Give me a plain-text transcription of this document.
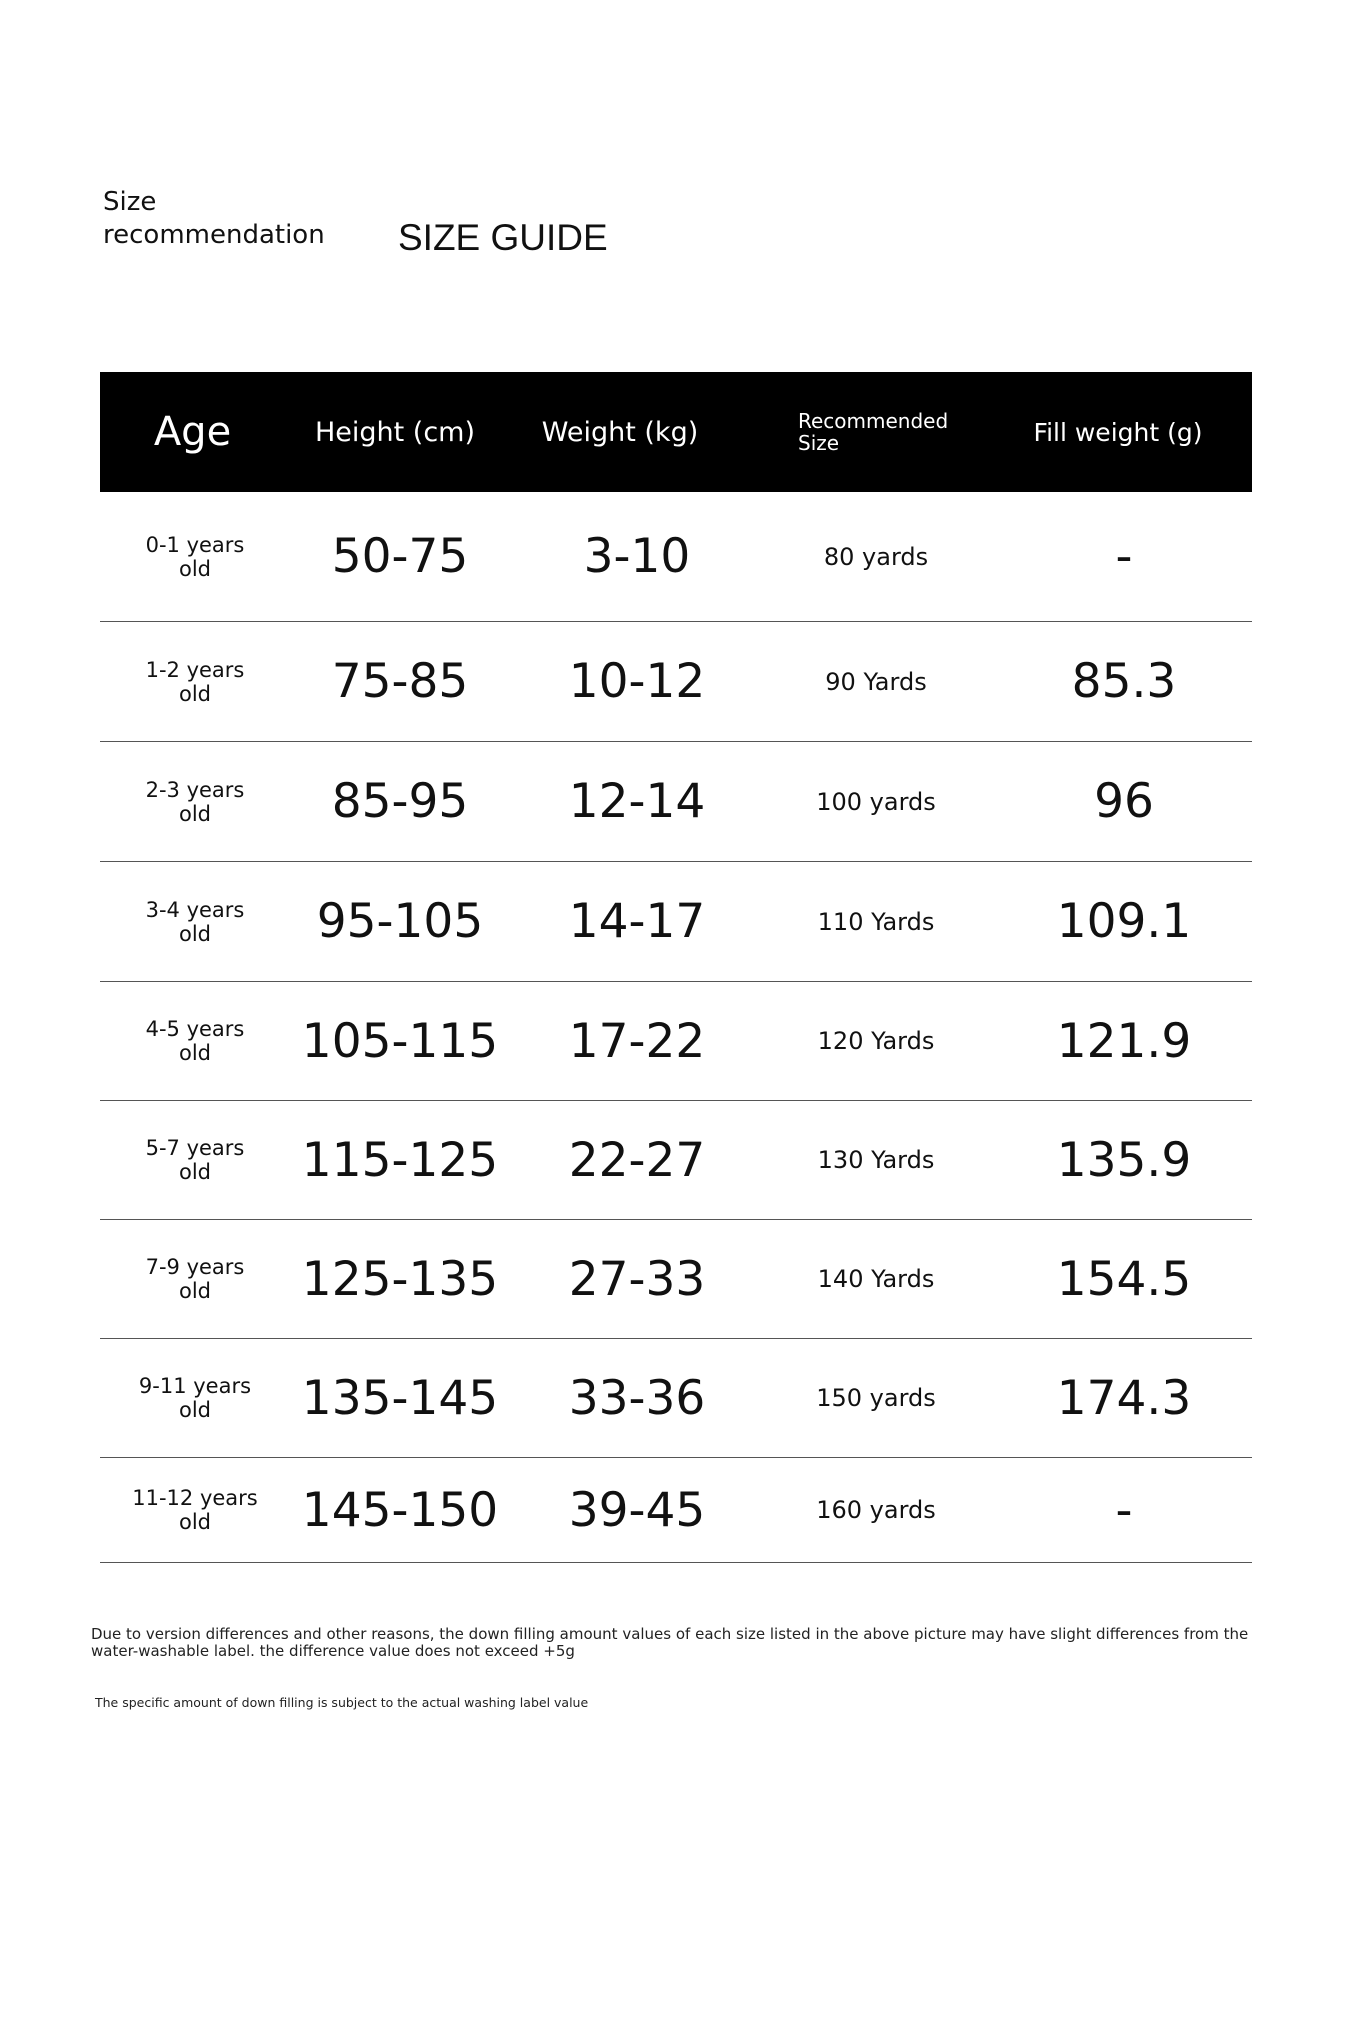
Size
recommendation	SIZE GUIDE
Age	Height (cm)	Weight (kg)	Recommended
Size	Fill weight (g)
0-1 years
old	50-75	3-10	80 yards	-
1-2 years
old	75-85	10-12	90 Yards	85.3
2-3 years
old	85-95	12-14	100 yards	96
3-4 years
old	95-105	14-17	110 Yards	109.1
4-5 years
old	105-115	17-22	120 Yards	121.9
5-7 years
old	115-125	22-27	130 Yards	135.9
7-9 years
old	125-135	27-33	140 Yards	154.5
9-11 years
old	135-145	33-36	150 yards	174.3
11-12 years
old	145-150	39-45	160 yards	-
Due to version differences and other reasons, the down filling amount values of each size listed in the above picture may have slight differences from the water-washable label. the difference value does not exceed +5g
The specific amount of down filling is subject to the actual washing label value
